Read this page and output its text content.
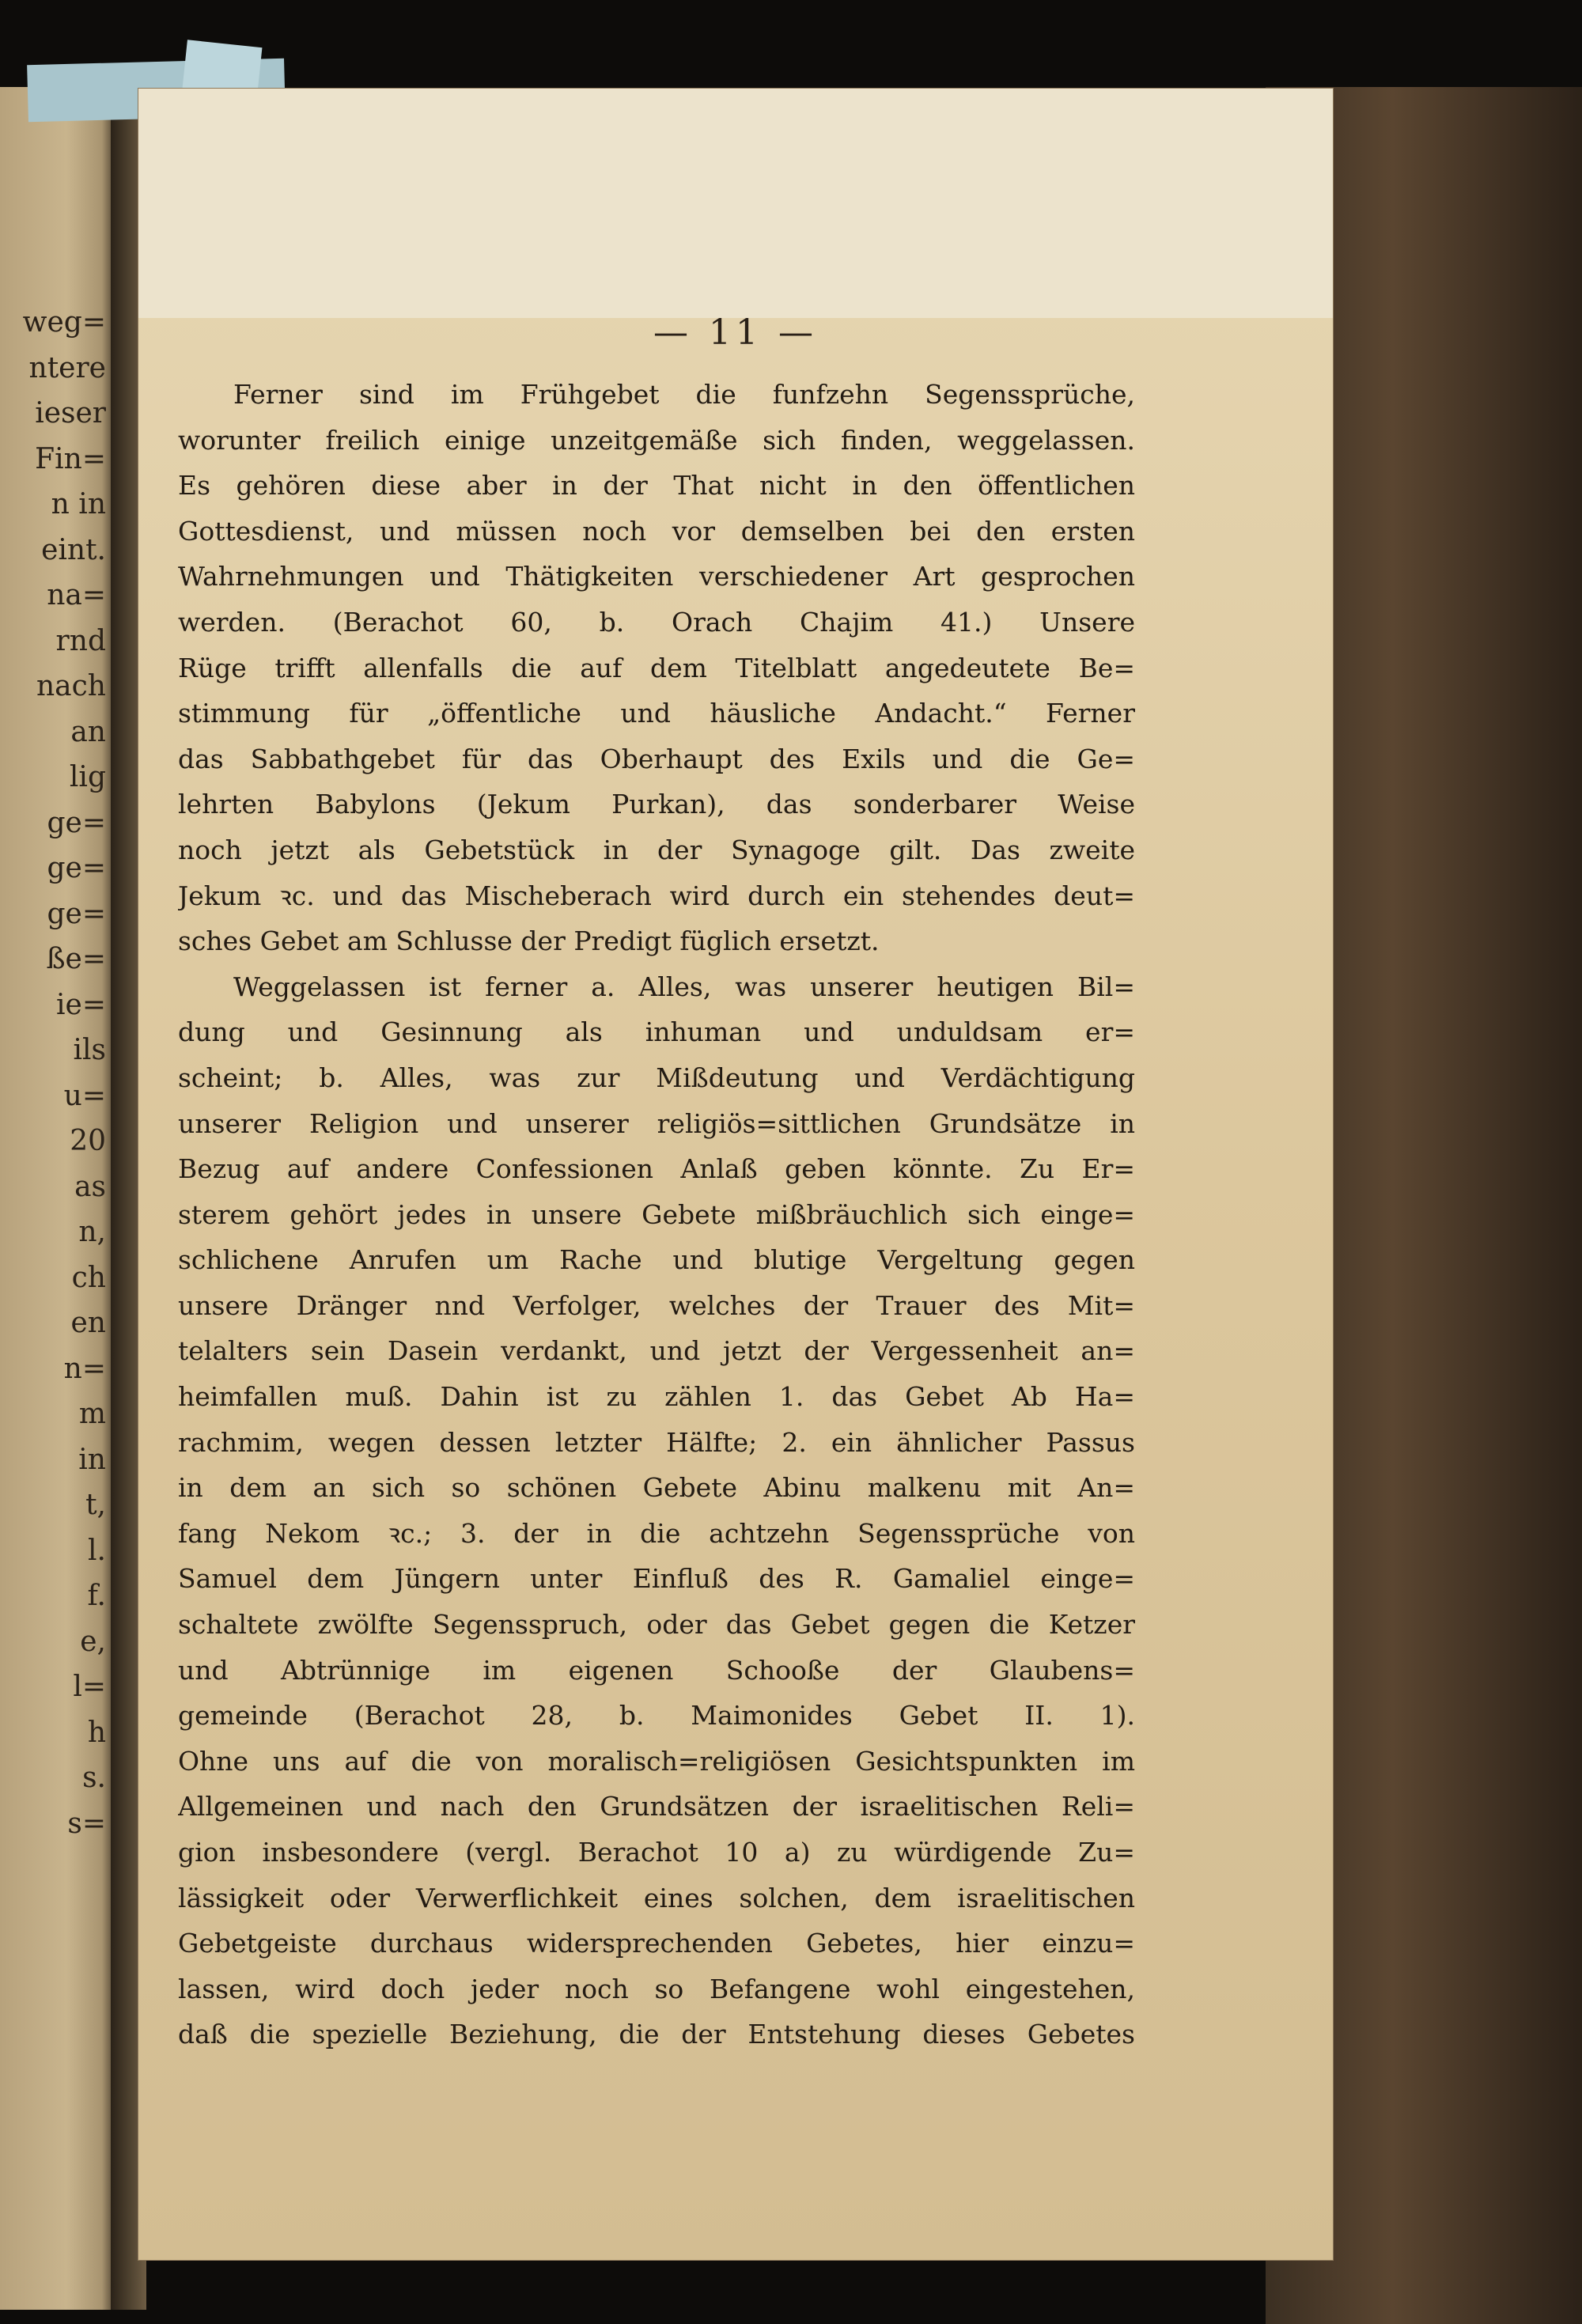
weg=
ntere
ieser
Fin=
n in
eint.
na=
rnd
nach
an
lig
ge=
ge=
ge=
ße=
ie=
ils
u=
20
as
n,
ch
en
n=
m
in
t,
l.
f.
e,
l=
h
s.
s=
— 11 —
Ferner sind im Frühgebet die funfzehn Segenssprüche,
worunter freilich einige unzeitgemäße sich finden, weggelassen.
Es gehören diese aber in der That nicht in den öffentlichen
Gottesdienst, und müssen noch vor demselben bei den ersten
Wahrnehmungen und Thätigkeiten verschiedener Art gesprochen
werden. (Berachot 60, b. Orach Chajim 41.) Unsere
Rüge trifft allenfalls die auf dem Titelblatt angedeutete Be=
stimmung für „öffentliche und häusliche Andacht.“ Ferner
das Sabbathgebet für das Oberhaupt des Exils und die Ge=
lehrten Babylons (Jekum Purkan), das sonderbarer Weise
noch jetzt als Gebetstück in der Synagoge gilt. Das zweite
Jekum ꝛc. und das Mischeberach wird durch ein stehendes deut=
sches Gebet am Schlusse der Predigt füglich ersetzt.
Weggelassen ist ferner a. Alles, was unserer heutigen Bil=
dung und Gesinnung als inhuman und unduldsam er=
scheint; b. Alles, was zur Mißdeutung und Verdächtigung
unserer Religion und unserer religiös=sittlichen Grundsätze in
Bezug auf andere Confessionen Anlaß geben könnte. Zu Er=
sterem gehört jedes in unsere Gebete mißbräuchlich sich einge=
schlichene Anrufen um Rache und blutige Vergeltung gegen
unsere Dränger nnd Verfolger, welches der Trauer des Mit=
telalters sein Dasein verdankt, und jetzt der Vergessenheit an=
heimfallen muß. Dahin ist zu zählen 1. das Gebet Ab Ha=
rachmim, wegen dessen letzter Hälfte; 2. ein ähnlicher Passus
in dem an sich so schönen Gebete Abinu malkenu mit An=
fang Nekom ꝛc.; 3. der in die achtzehn Segenssprüche von
Samuel dem Jüngern unter Einfluß des R. Gamaliel einge=
schaltete zwölfte Segensspruch, oder das Gebet gegen die Ketzer
und Abtrünnige im eigenen Schooße der Glaubens=
gemeinde (Berachot 28, b. Maimonides Gebet II. 1).
Ohne uns auf die von moralisch=religiösen Gesichtspunkten im
Allgemeinen und nach den Grundsätzen der israelitischen Reli=
gion insbesondere (vergl. Berachot 10 a) zu würdigende Zu=
lässigkeit oder Verwerflichkeit eines solchen, dem israelitischen
Gebetgeiste durchaus widersprechenden Gebetes, hier einzu=
lassen, wird doch jeder noch so Befangene wohl eingestehen,
daß die spezielle Beziehung, die der Entstehung dieses Gebetes
